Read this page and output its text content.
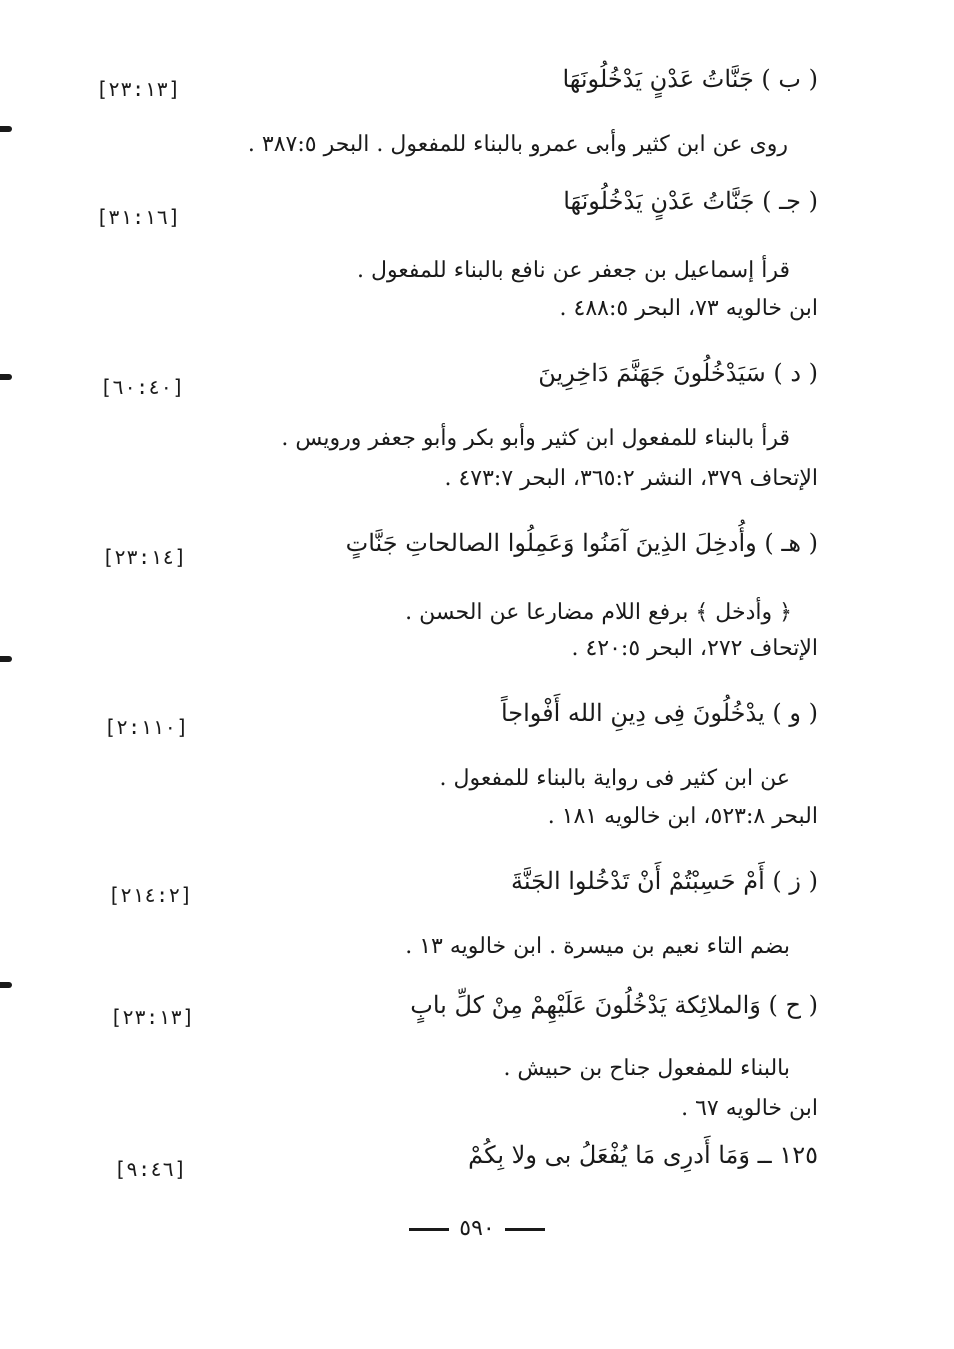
( ب ) جَنَّاتُ عَدْنٍ يَدْخُلُونَهَا
[٢٣:١٣]
روى عن ابن كثير وأبى عمرو بالبناء للمفعول . البحر ٣٨٧:٥ .
( جـ ) جَنَّاتُ عَدْنٍ يَدْخُلُونَهَا
[٣١:١٦]
قرأ إسماعيل بن جعفر عن نافع بالبناء للمفعول .
ابن خالويه ٧٣، البحر ٤٨٨:٥ .
( د ) سَيَدْخُلُونَ جَهَنَّمَ دَاخِرِينَ
[٦٠:٤٠]
قرأ بالبناء للمفعول ابن كثير وأبو بكر وأبو جعفر ورويس .
الإتحاف ٣٧٩، النشر ٣٦٥:٢، البحر ٤٧٣:٧ .
( هـ ) وأُدخِلَ الذِينَ آمَنُوا وَعَمِلُوا الصالحاتِ جَنَّاتٍ
[٢٣:١٤]
﴿ وأدخل ﴾ برفع اللام مضارعا عن الحسن .
الإتحاف ٢٧٢، البحر ٤٢٠:٥ .
( و ) يدْخُلُونَ فِى دِينِ الله أَفْواجاً
[٢:١١٠]
عن ابن كثير فى رواية بالبناء للمفعول .
البحر ٥٢٣:٨، ابن خالويه ١٨١ .
( ز ) أَمْ حَسِبْتُمْ أَنْ تَدْخُلوا الجَنَّةَ
[٢١٤:٢]
بضم التاء نعيم بن ميسرة . ابن خالويه ١٣ .
( ح ) وَالملائِكة يَدْخُلُونَ عَلَيْهِمْ مِنْ كلِّ بابٍ
[٢٣:١٣]
بالبناء للمفعول جناح بن حبيش .
ابن خالويه ٦٧ .
١٢٥ ــ وَمَا أَدرِى مَا يُفْعَلُ بى ولا بِكُمْ
[٩:٤٦]
٥٩٠
